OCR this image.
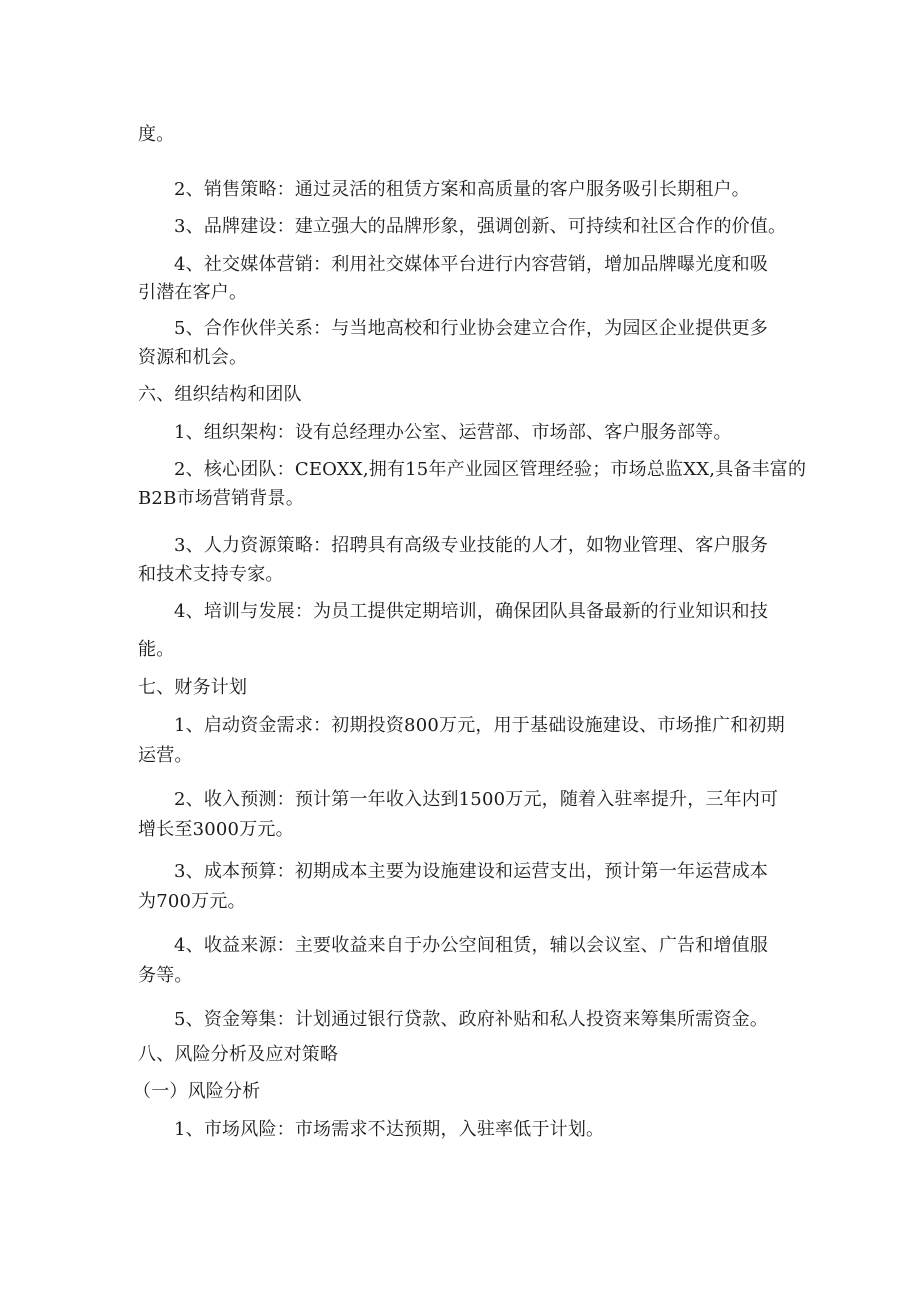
度。
2、销售策略：通过灵活的租赁方案和高质量的客户服务吸引长期租户。
3、品牌建设：建立强大的品牌形象，强调创新、可持续和社区合作的价值。
4、社交媒体营销：利用社交媒体平台进行内容营销，增加品牌曝光度和吸
引潜在客户。
5、合作伙伴关系：与当地高校和行业协会建立合作，为园区企业提供更多
资源和机会。
六、组织结构和团队
1、组织架构：设有总经理办公室、运营部、市场部、客户服务部等。
2、核心团队：CEOXX,拥有15年产业园区管理经验；市场总监XX,具备丰富的
B2B市场营销背景。
3、人力资源策略：招聘具有高级专业技能的人才，如物业管理、客户服务
和技术支持专家。
4、培训与发展：为员工提供定期培训，确保团队具备最新的行业知识和技
能。
七、财务计划
1、启动资金需求：初期投资800万元，用于基础设施建设、市场推广和初期
运营。
2、收入预测：预计第一年收入达到1500万元，随着入驻率提升，三年内可
增长至3000万元。
3、成本预算：初期成本主要为设施建设和运营支出，预计第一年运营成本
为700万元。
4、收益来源：主要收益来自于办公空间租赁，辅以会议室、广告和增值服
务等。
5、资金筹集：计划通过银行贷款、政府补贴和私人投资来筹集所需资金。
八、风险分析及应对策略
（一）风险分析
1、市场风险：市场需求不达预期，入驻率低于计划。
